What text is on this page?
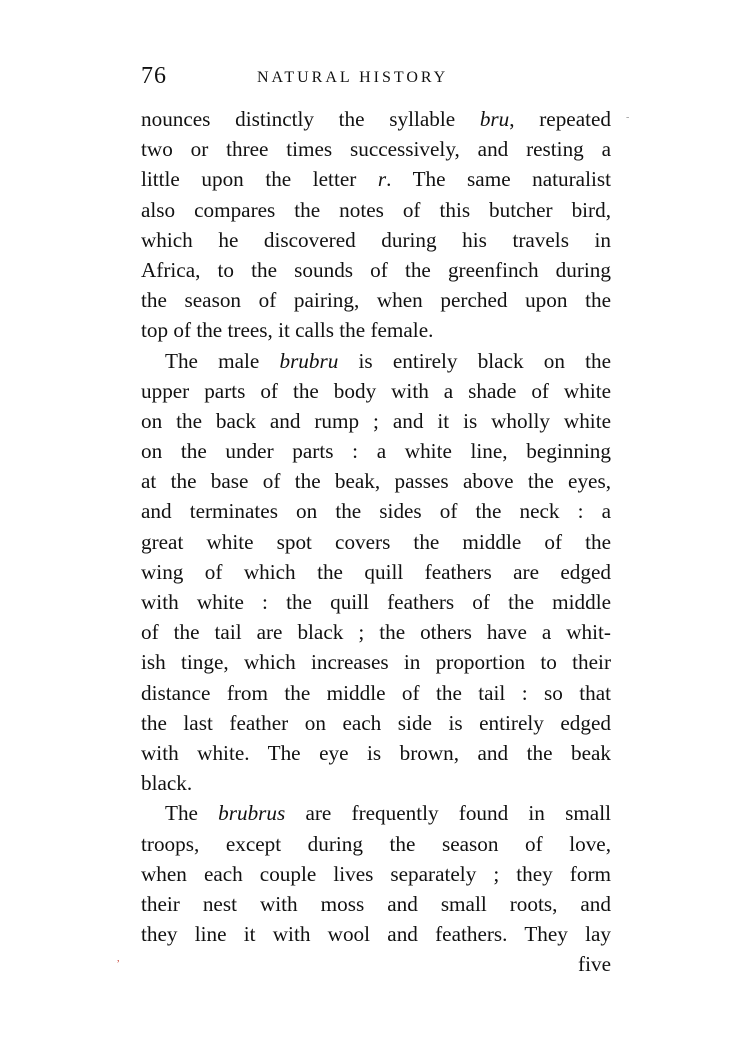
76	NATURAL HISTORY
nounces distinctly the syllable bru, repeated
two or three times successively, and resting a
little upon the letter r. The same naturalist
also compares the notes of this butcher bird,
which he discovered during his travels in
Africa, to the sounds of the greenfinch during
the season of pairing, when perched upon the
top of the trees, it calls the female.
The male brubru is entirely black on the
upper parts of the body with a shade of white
on the back and rump ; and it is wholly white
on the under parts : a white line, beginning
at the base of the beak, passes above the eyes,
and terminates on the sides of the neck : a
great white spot covers the middle of the
wing of which the quill feathers are edged
with white : the quill feathers of the middle
of the tail are black ; the others have a whit-
ish tinge, which increases in proportion to their
distance from the middle of the tail : so that
the last feather on each side is entirely edged
with white. The eye is brown, and the beak
black.
The brubrus are frequently found in small
troops, except during the season of love,
when each couple lives separately ; they form
their nest with moss and small roots, and
they line it with wool and feathers. They lay
five
-
,
